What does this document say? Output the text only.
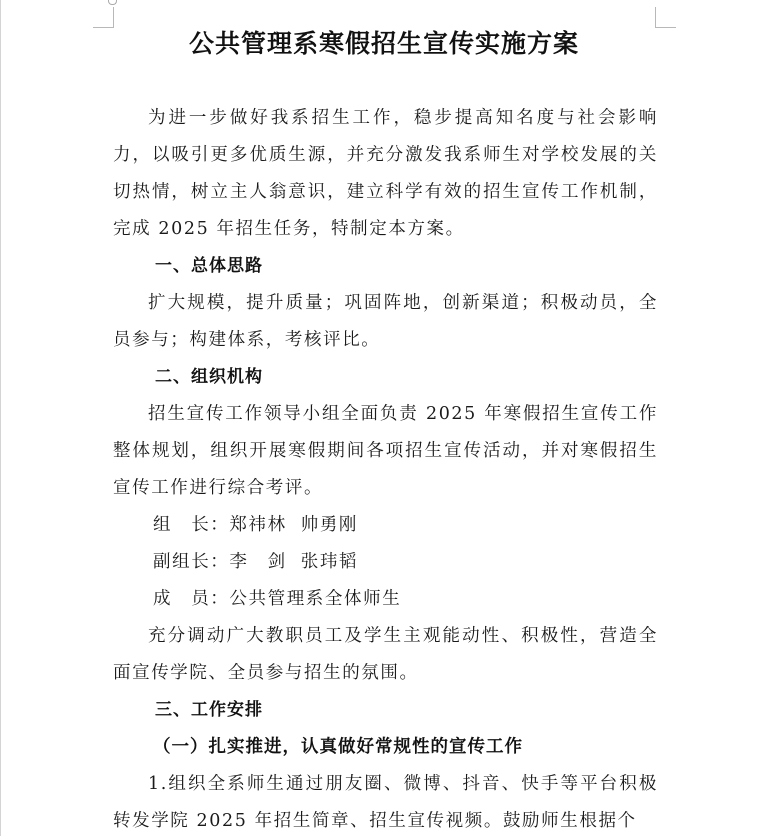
公共管理系寒假招生宣传实施方案

为进一步做好我系招生工作，稳步提高知名度与社会影响力，以吸引更多优质生源，并充分激发我系师生对学校发展的关切热情，树立主人翁意识，建立科学有效的招生宣传工作机制，完成 2025 年招生任务，特制定本方案。

一、总体思路

扩大规模，提升质量；巩固阵地，创新渠道；积极动员，全员参与；构建体系，考核评比。

二、组织机构

招生宣传工作领导小组全面负责 2025 年寒假招生宣传工作整体规划，组织开展寒假期间各项招生宣传活动，并对寒假招生宣传工作进行综合考评。

组　长：郑祎林 帅勇刚

副组长：李　剑 张玮韬

成　员：公共管理系全体师生

充分调动广大教职员工及学生主观能动性、积极性，营造全面宣传学院、全员参与招生的氛围。

三、工作安排

（一）扎实推进，认真做好常规性的宣传工作

1.组织全系师生通过朋友圈、微博、抖音、快手等平台积极转发学院 2025 年招生简章、招生宣传视频。鼓励师生根据个
